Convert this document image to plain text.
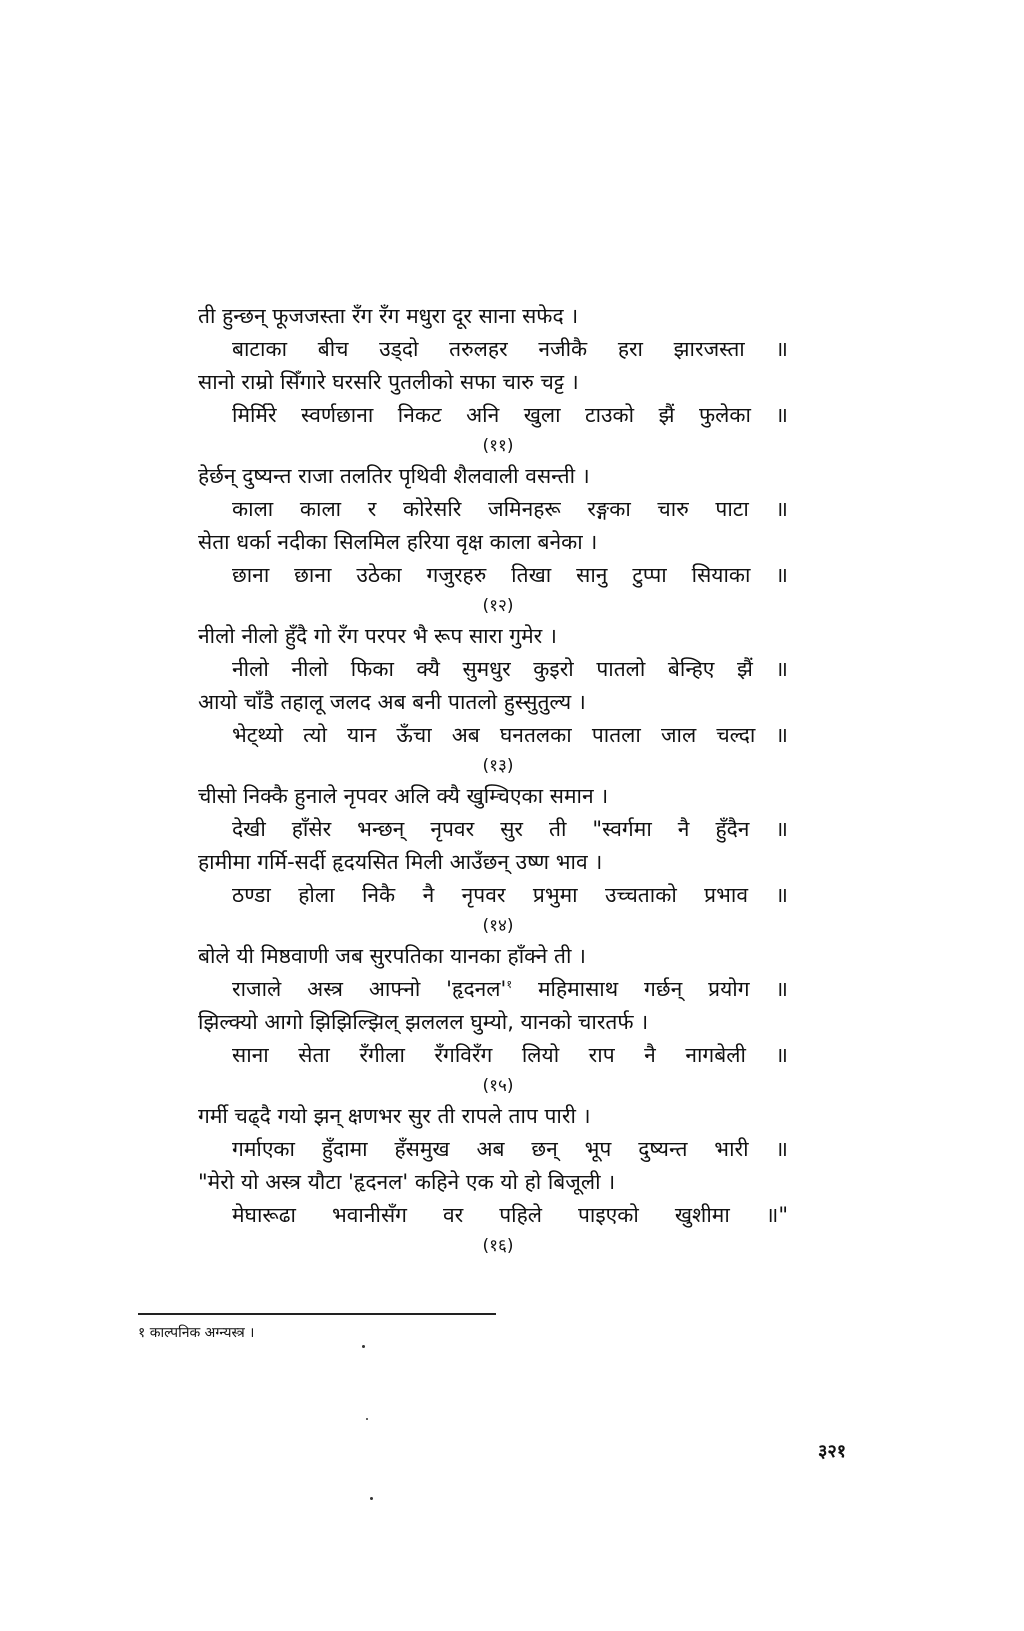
ती हुन्छन् फूजजस्ता रँग रँग मधुरा दूर साना सफेद ।
बाटाका बीच उड्दो तरुलहर नजीकै हरा झारजस्ता ॥
सानो राम्रो सिँगारे घरसरि पुतलीको सफा चारु चट्ट ।
मिर्मिरे स्वर्णछाना निकट अनि खुला टाउको झैं फुलेका ॥
(११)
हेर्छन् दुष्यन्त राजा तलतिर पृथिवी शैलवाली वसन्ती ।
काला काला र कोरेसरि जमिनहरू रङ्गका चारु पाटा ॥
सेता धर्का नदीका सिलमिल हरिया वृक्ष काला बनेका ।
छाना छाना उठेका गजुरहरु तिखा सानु टुप्पा सियाका ॥
(१२)
नीलो नीलो हुँदै गो रँग परपर भै रूप सारा गुमेर ।
नीलो नीलो फिका क्यै सुमधुर कुइरो पातलो बेन्हिए झैं ॥
आयो चाँडै तहालू जलद अब बनी पातलो हुस्सुतुल्य ।
भेट्थ्यो त्यो यान ऊँचा अब घनतलका पातला जाल चल्दा ॥
(१३)
चीसो निक्कै हुनाले नृपवर अलि क्यै खुम्चिएका समान ।
देखी हाँसेर भन्छन् नृपवर सुर ती "स्वर्गमा नै हुँदैन ॥
हामीमा गर्मि-सर्दी हृदयसित मिली आउँछन् उष्ण भाव ।
ठण्डा होला निकै नै नृपवर प्रभुमा उच्चताको प्रभाव ॥
(१४)
बोले यी मिष्ठवाणी जब सुरपतिका यानका हाँक्ने ती ।
राजाले अस्त्र आफ्नो '$हृदनल'^१$ महिमासाथ गर्छन् प्रयोग ॥
झिल्क्यो आगो झिझिल्झिल् झललल घुम्यो, यानको चारतर्फ ।
साना सेता रँगीला रँगविरँग लियो राप नै नागबेली ॥
(१५)
गर्मी चढ्दै गयो झन् क्षणभर सुर ती रापले ताप पारी ।
गर्माएका हुँदामा हँसमुख अब छन् भूप दुष्यन्त भारी ॥
"मेरो यो अस्त्र यौटा 'हृदनल' कहिने एक यो हो बिजूली ।
मेघारूढा भवानीसँग वर पहिले पाइएको खुशीमा ॥"
(१६)
१ काल्पनिक अग्न्यस्त्र ।
३२१
